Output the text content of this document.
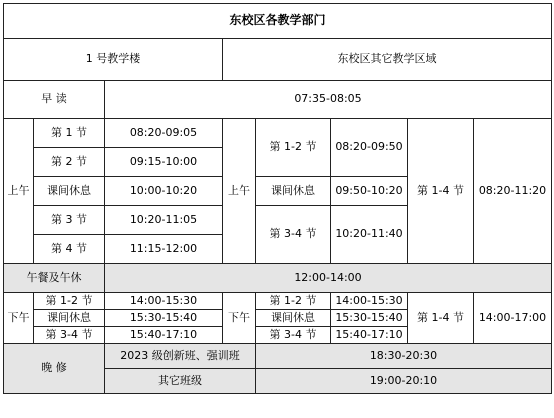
东校区各教学部门							
1 号教学楼			东校区其它教学区域				
早 读		07:35-08:05					
上午	第 1 节	08:20-09:05	上午	第 1-2 节	08:20-09:50	第 1-4 节	08:20-11:20
	第 2 节	09:15-10:00					
	课间休息	10:00-10:20		课间休息	09:50-10:20		
	第 3 节	10:20-11:05		第 3-4 节	10:20-11:40		
	第 4 节	11:15-12:00					
午餐及午休		12:00-14:00					
下午	第 1-2 节	14:00-15:30	下午	第 1-2 节	14:00-15:30	第 1-4 节	14:00-17:00
	课间休息	15:30-15:40		课间休息	15:30-15:40		
	第 3-4 节	15:40-17:10		第 3-4 节	15:40-17:10		
晚 修		2023 级创新班、强训班		18:30-20:30			
		其它班级		19:00-20:10			
